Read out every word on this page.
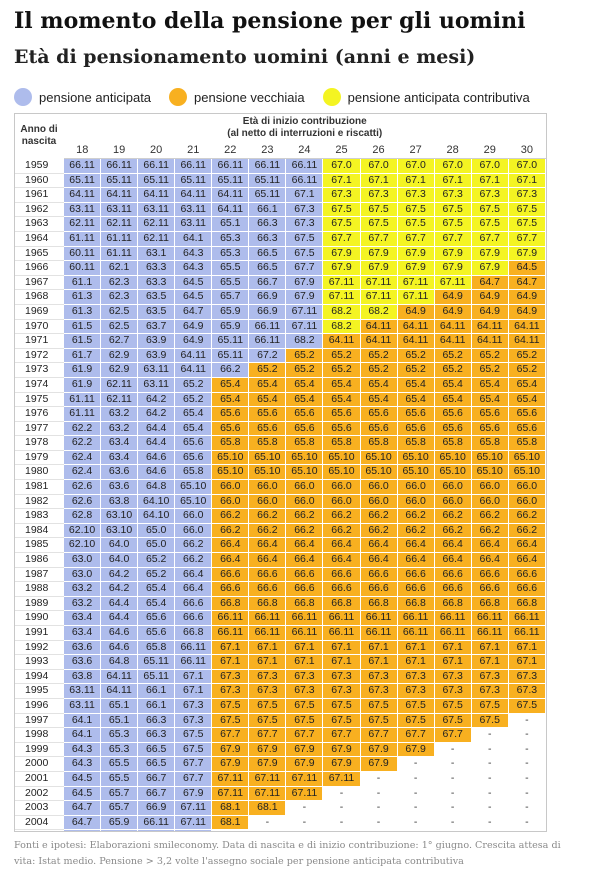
Il momento della pensione per gli uomini
Età di pensionamento uomini (anni e mesi)
pensione anticipata	pensione vecchiaia	pensione anticipata contributiva
Anno di nascita	Età di inizio contribuzione
(al netto di interruzioni e riscatti)												

	18	19	20	21	22	23	24	25	26	27	28	29	30
1959	66.11	66.11	66.11	66.11	66.11	66.11	66.11	67.0	67.0	67.0	67.0	67.0	67.0
1960	65.11	65.11	65.11	65.11	65.11	65.11	66.11	67.1	67.1	67.1	67.1	67.1	67.1
1961	64.11	64.11	64.11	64.11	64.11	65.11	67.1	67.3	67.3	67.3	67.3	67.3	67.3
1962	63.11	63.11	63.11	63.11	64.11	66.1	67.3	67.5	67.5	67.5	67.5	67.5	67.5
1963	62.11	62.11	62.11	63.11	65.1	66.3	67.3	67.5	67.5	67.5	67.5	67.5	67.5
1964	61.11	61.11	62.11	64.1	65.3	66.3	67.5	67.7	67.7	67.7	67.7	67.7	67.7
1965	60.11	61.11	63.1	64.3	65.3	66.5	67.5	67.9	67.9	67.9	67.9	67.9	67.9
1966	60.11	62.1	63.3	64.3	65.5	66.5	67.7	67.9	67.9	67.9	67.9	67.9	64.5
1967	61.1	62.3	63.3	64.5	65.5	66.7	67.9	67.11	67.11	67.11	67.11	64.7	64.7
1968	61.3	62.3	63.5	64.5	65.7	66.9	67.9	67.11	67.11	67.11	64.9	64.9	64.9
1969	61.3	62.5	63.5	64.7	65.9	66.9	67.11	68.2	68.2	64.9	64.9	64.9	64.9
1970	61.5	62.5	63.7	64.9	65.9	66.11	67.11	68.2	64.11	64.11	64.11	64.11	64.11
1971	61.5	62.7	63.9	64.9	65.11	66.11	68.2	64.11	64.11	64.11	64.11	64.11	64.11
1972	61.7	62.9	63.9	64.11	65.11	67.2	65.2	65.2	65.2	65.2	65.2	65.2	65.2
1973	61.9	62.9	63.11	64.11	66.2	65.2	65.2	65.2	65.2	65.2	65.2	65.2	65.2
1974	61.9	62.11	63.11	65.2	65.4	65.4	65.4	65.4	65.4	65.4	65.4	65.4	65.4
1975	61.11	62.11	64.2	65.2	65.4	65.4	65.4	65.4	65.4	65.4	65.4	65.4	65.4
1976	61.11	63.2	64.2	65.4	65.6	65.6	65.6	65.6	65.6	65.6	65.6	65.6	65.6
1977	62.2	63.2	64.4	65.4	65.6	65.6	65.6	65.6	65.6	65.6	65.6	65.6	65.6
1978	62.2	63.4	64.4	65.6	65.8	65.8	65.8	65.8	65.8	65.8	65.8	65.8	65.8
1979	62.4	63.4	64.6	65.6	65.10	65.10	65.10	65.10	65.10	65.10	65.10	65.10	65.10
1980	62.4	63.6	64.6	65.8	65.10	65.10	65.10	65.10	65.10	65.10	65.10	65.10	65.10
1981	62.6	63.6	64.8	65.10	66.0	66.0	66.0	66.0	66.0	66.0	66.0	66.0	66.0
1982	62.6	63.8	64.10	65.10	66.0	66.0	66.0	66.0	66.0	66.0	66.0	66.0	66.0
1983	62.8	63.10	64.10	66.0	66.2	66.2	66.2	66.2	66.2	66.2	66.2	66.2	66.2
1984	62.10	63.10	65.0	66.0	66.2	66.2	66.2	66.2	66.2	66.2	66.2	66.2	66.2
1985	62.10	64.0	65.0	66.2	66.4	66.4	66.4	66.4	66.4	66.4	66.4	66.4	66.4
1986	63.0	64.0	65.2	66.2	66.4	66.4	66.4	66.4	66.4	66.4	66.4	66.4	66.4
1987	63.0	64.2	65.2	66.4	66.6	66.6	66.6	66.6	66.6	66.6	66.6	66.6	66.6
1988	63.2	64.2	65.4	66.4	66.6	66.6	66.6	66.6	66.6	66.6	66.6	66.6	66.6
1989	63.2	64.4	65.4	66.6	66.8	66.8	66.8	66.8	66.8	66.8	66.8	66.8	66.8
1990	63.4	64.4	65.6	66.6	66.11	66.11	66.11	66.11	66.11	66.11	66.11	66.11	66.11
1991	63.4	64.6	65.6	66.8	66.11	66.11	66.11	66.11	66.11	66.11	66.11	66.11	66.11
1992	63.6	64.6	65.8	66.11	67.1	67.1	67.1	67.1	67.1	67.1	67.1	67.1	67.1
1993	63.6	64.8	65.11	66.11	67.1	67.1	67.1	67.1	67.1	67.1	67.1	67.1	67.1
1994	63.8	64.11	65.11	67.1	67.3	67.3	67.3	67.3	67.3	67.3	67.3	67.3	67.3
1995	63.11	64.11	66.1	67.1	67.3	67.3	67.3	67.3	67.3	67.3	67.3	67.3	67.3
1996	63.11	65.1	66.1	67.3	67.5	67.5	67.5	67.5	67.5	67.5	67.5	67.5	67.5
1997	64.1	65.1	66.3	67.3	67.5	67.5	67.5	67.5	67.5	67.5	67.5	67.5	-
1998	64.1	65.3	66.3	67.5	67.7	67.7	67.7	67.7	67.7	67.7	67.7	-	-
1999	64.3	65.3	66.5	67.5	67.9	67.9	67.9	67.9	67.9	67.9	-	-	-
2000	64.3	65.5	66.5	67.7	67.9	67.9	67.9	67.9	67.9	-	-	-	-
2001	64.5	65.5	66.7	67.7	67.11	67.11	67.11	67.11	-	-	-	-	-
2002	64.5	65.7	66.7	67.9	67.11	67.11	67.11	-	-	-	-	-	-
2003	64.7	65.7	66.9	67.11	68.1	68.1	-	-	-	-	-	-	-
2004	64.7	65.9	66.11	67.11	68.1	-	-	-	-	-	-	-	-

Fonti e ipotesi: Elaborazioni smileconomy. Data di nascita e di inizio contribuzione: 1° giugno. Crescita attesa di vita: Istat medio. Pensione > 3,2 volte l'assegno sociale per pensione anticipata contributiva
